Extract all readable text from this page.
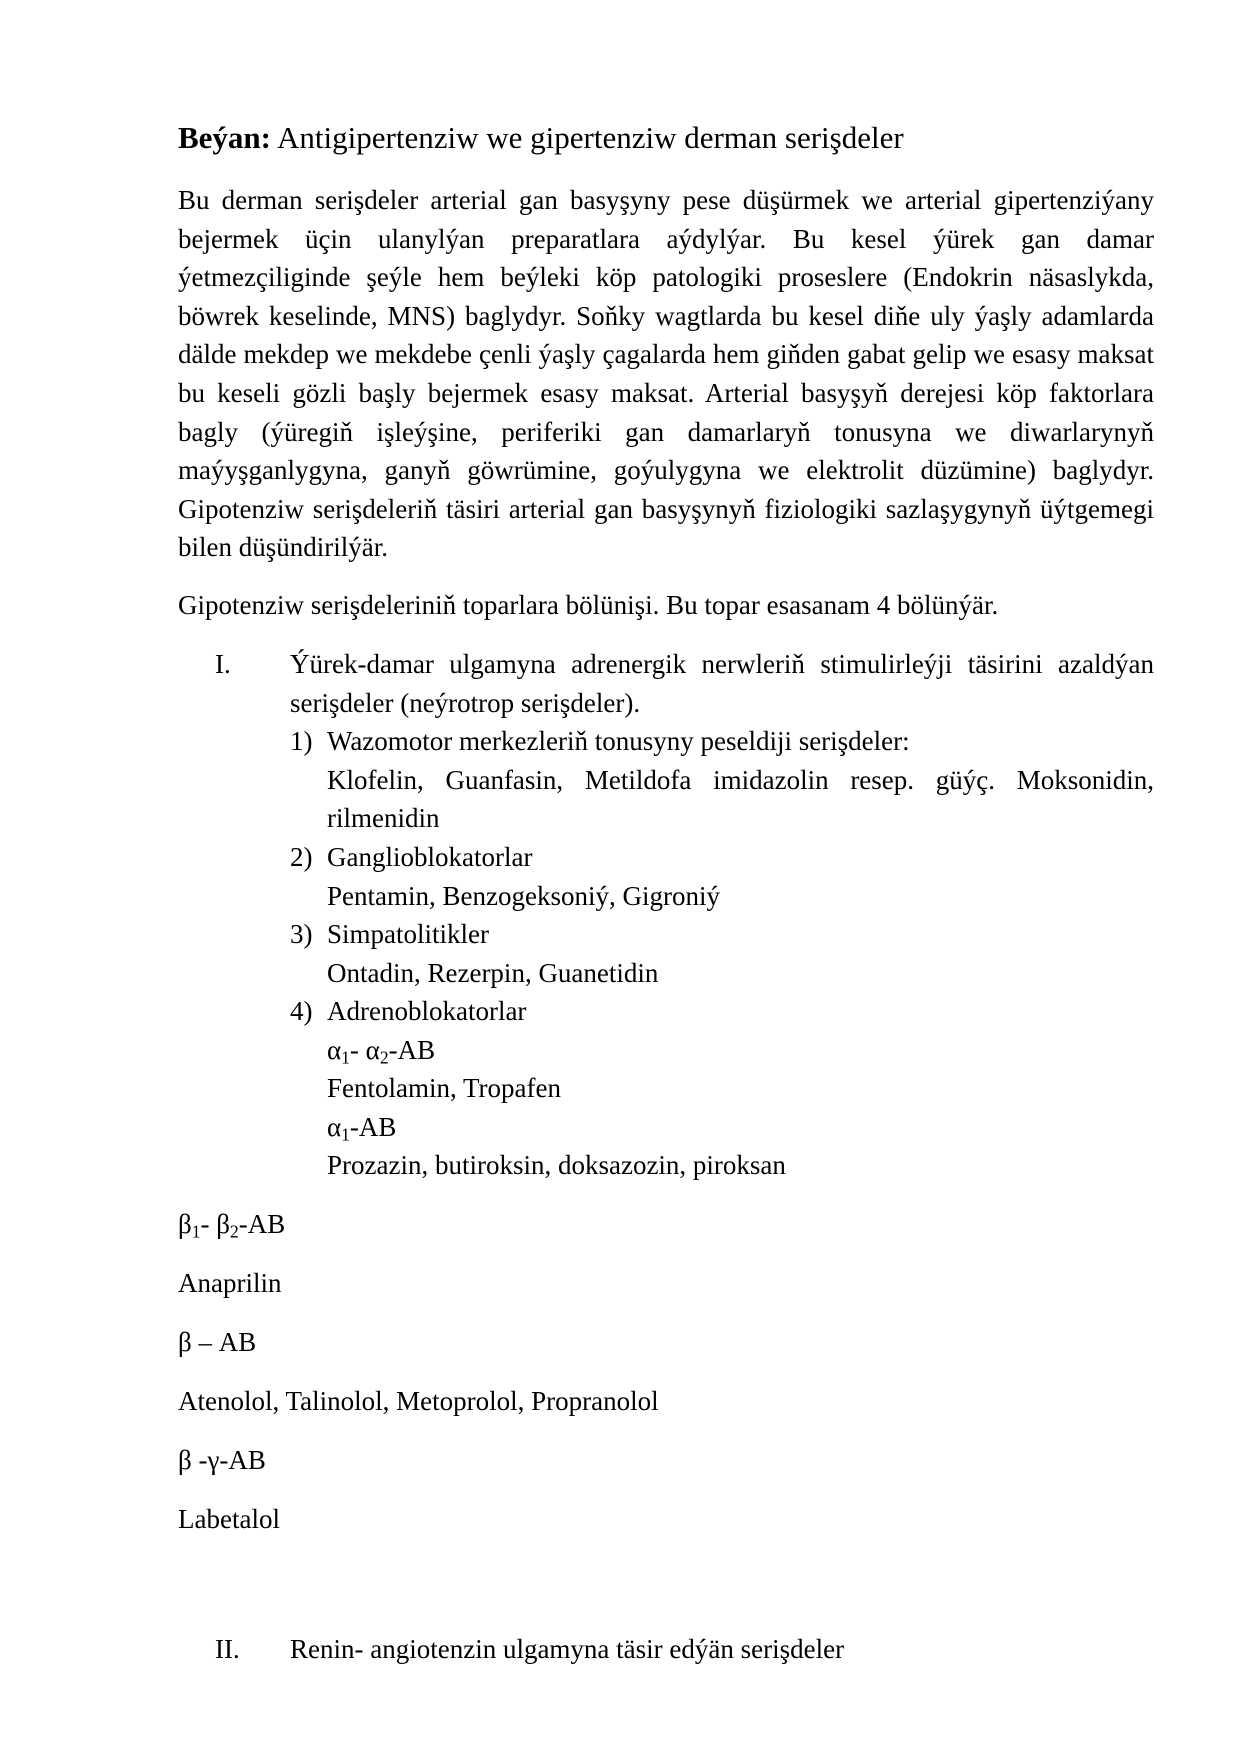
Beýan: Antigipertenziw we gipertenziw derman serişdeler

Bu derman serişdeler arterial gan basyşyny pese düşürmek we arterial gipertenziýany bejermek üçin ulanylýan preparatlara aýdylýar. Bu kesel ýürek gan damar ýetmezçiliginde şeýle hem beýleki köp patologiki proseslere (Endokrin näsaslykda, böwrek keselinde, MNS) baglydyr. Soňky wagtlarda bu kesel diňe uly ýaşly adamlarda dälde mekdep we mekdebe çenli ýaşly çagalarda hem giňden gabat gelip we esasy maksat bu keseli gözli başly bejermek esasy maksat. Arterial basyşyň derejesi köp faktorlara bagly (ýüregiň işleýşine, periferiki gan damarlaryň tonusyna we diwarlarynyň maýyşganlygyna, ganyň göwrümine, goýulygyna we elektrolit düzümine) baglydyr. Gipotenziw serişdeleriň täsiri arterial gan basyşynyň fiziologiki sazlaşygynyň üýtgemegi bilen düşündirilýär.

Gipotenziw serişdeleriniň toparlara bölünişi. Bu topar esasanam 4 bölünýär.

I. Ýürek-damar ulgamyna adrenergik nerwleriň stimulirleýji täsirini azaldýan serişdeler (neýrotrop serişdeler).

1) Wazomotor merkezleriň tonusyny peseldiji serişdeler:

Klofelin, Guanfasin, Metildofa imidazolin resep. güýç. Moksonidin, rilmenidin

2) Ganglioblokatorlar

Pentamin, Benzogeksoniý, Gigroniý

3) Simpatolitikler

Ontadin, Rezerpin, Guanetidin

4) Adrenoblokatorlar
$\alpha_1-$ $\alpha_2-AB$
Fentolamin, Tropafen
$\alpha_1-AB$
Prozazin, butiroksin, doksazozin, piroksan
$\beta_1-$ $\beta_2-AB$
Anaprilin
β – AB
Atenolol, Talinolol, Metoprolol, Propranolol
β -γ-AB
Labetalol
II. Renin- angiotenzin ulgamyna täsir edýän serişdeler
